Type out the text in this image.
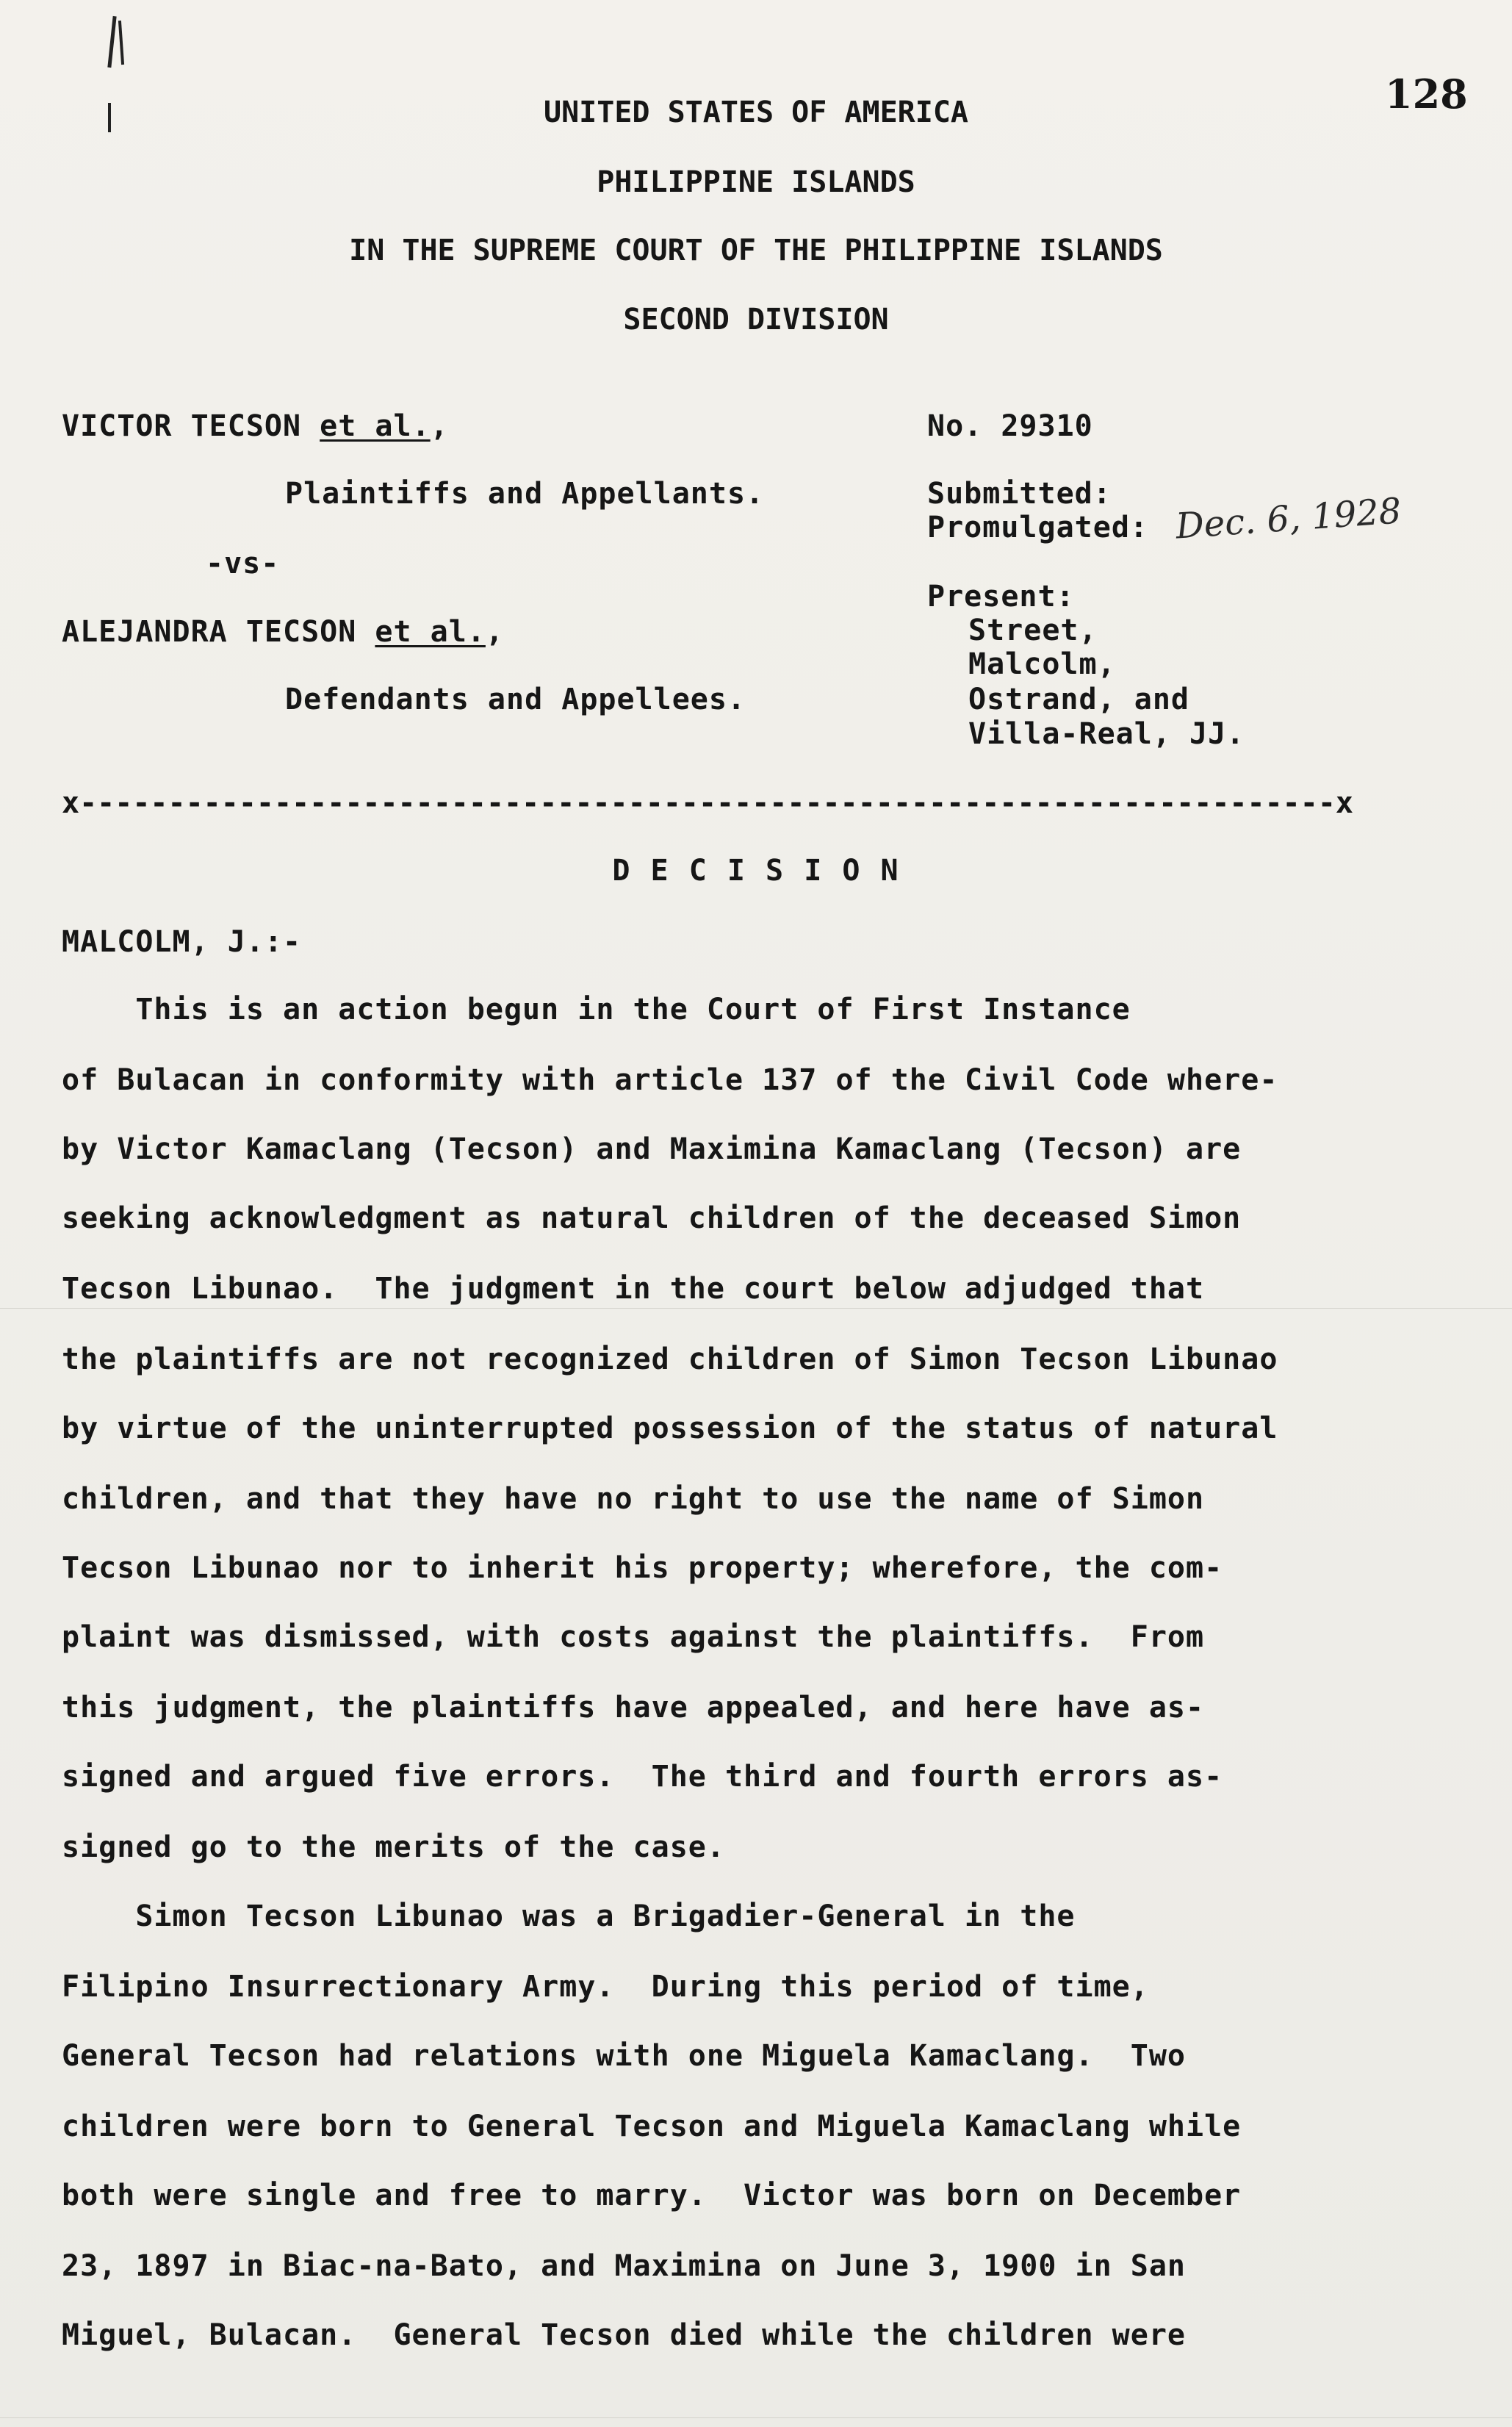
128
UNITED STATES OF AMERICA
PHILIPPINE ISLANDS
IN THE SUPREME COURT OF THE PHILIPPINE ISLANDS
SECOND DIVISION
VICTOR TECSON et al.,
Plaintiffs and Appellants.
-vs-
ALEJANDRA TECSON et al.,
Defendants and Appellees.
No. 29310
Submitted:
Promulgated: Dec. 6, 1928
Present:
Street,
Malcolm,
Ostrand, and
Villa-Real, JJ.
x-----------------------------------------------------------------------x
D E C I S I O N
MALCOLM, J.:-
This is an action begun in the Court of First Instance
of Bulacan in conformity with article 137 of the Civil Code where-
by Victor Kamaclang (Tecson) and Maximina Kamaclang (Tecson) are
seeking acknowledgment as natural children of the deceased Simon
Tecson Libunao.  The judgment in the court below adjudged that
the plaintiffs are not recognized children of Simon Tecson Libunao
by virtue of the uninterrupted possession of the status of natural
children, and that they have no right to use the name of Simon
Tecson Libunao nor to inherit his property; wherefore, the com-
plaint was dismissed, with costs against the plaintiffs.  From
this judgment, the plaintiffs have appealed, and here have as-
signed and argued five errors.  The third and fourth errors as-
signed go to the merits of the case.
Simon Tecson Libunao was a Brigadier-General in the
Filipino Insurrectionary Army.  During this period of time,
General Tecson had relations with one Miguela Kamaclang.  Two
children were born to General Tecson and Miguela Kamaclang while
both were single and free to marry.  Victor was born on December
23, 1897 in Biac-na-Bato, and Maximina on June 3, 1900 in San
Miguel, Bulacan.  General Tecson died while the children were
